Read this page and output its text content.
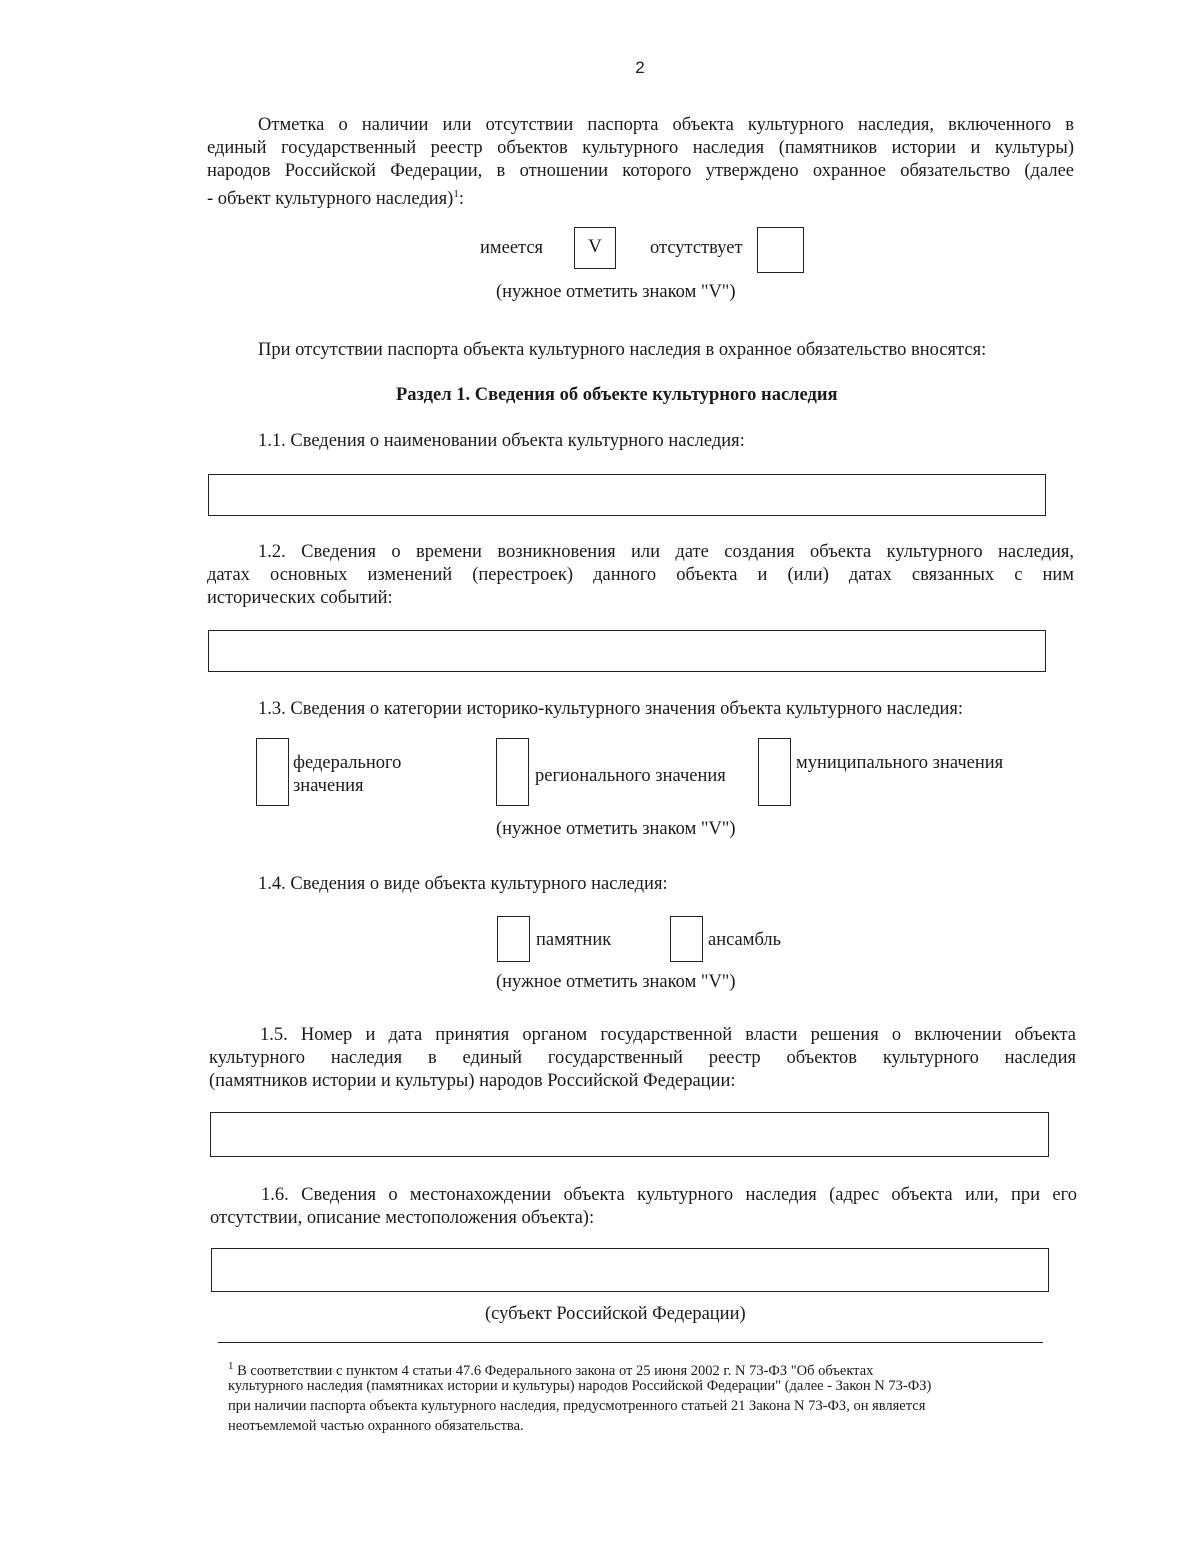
2
Отметка о наличии или отсутствии паспорта объекта культурного наследия, включенного в
единый государственный реестр объектов культурного наследия (памятников истории и культуры)
народов Российской Федерации, в отношении которого утверждено охранное обязательство (далее
- объект культурного наследия)$^1$:
имеется	V	отсутствует
(нужное отметить знаком "V")
При отсутствии паспорта объекта культурного наследия в охранное обязательство вносятся:
Раздел 1. Сведения об объекте культурного наследия
1.1. Сведения о наименовании объекта культурного наследия:
1.2. Сведения о времени возникновения или дате создания объекта культурного наследия,
датах основных изменений (перестроек) данного объекта и (или) датах связанных с ним
исторических событий:
1.3. Сведения о категории историко-культурного значения объекта культурного наследия:
федерального
значения	регионального значения
муниципального значения
(нужное отметить знаком "V")
1.4. Сведения о виде объекта культурного наследия:
памятник	ансамбль
(нужное отметить знаком "V")
1.5. Номер и дата принятия органом государственной власти решения о включении объекта
культурного наследия в единый государственный реестр объектов культурного наследия
(памятников истории и культуры) народов Российской Федерации:
1.6. Сведения о местонахождении объекта культурного наследия (адрес объекта или, при его
отсутствии, описание местоположения объекта):
(субъект Российской Федерации)
$^1$ В соответствии с пунктом 4 статьи 47.6 Федерального закона от 25 июня 2002 г. N 73-ФЗ "Об объектах
культурного наследия (памятниках истории и культуры) народов Российской Федерации" (далее - Закон N 73-ФЗ)
при наличии паспорта объекта культурного наследия, предусмотренного статьей 21 Закона N 73-ФЗ, он является
неотъемлемой частью охранного обязательства.
